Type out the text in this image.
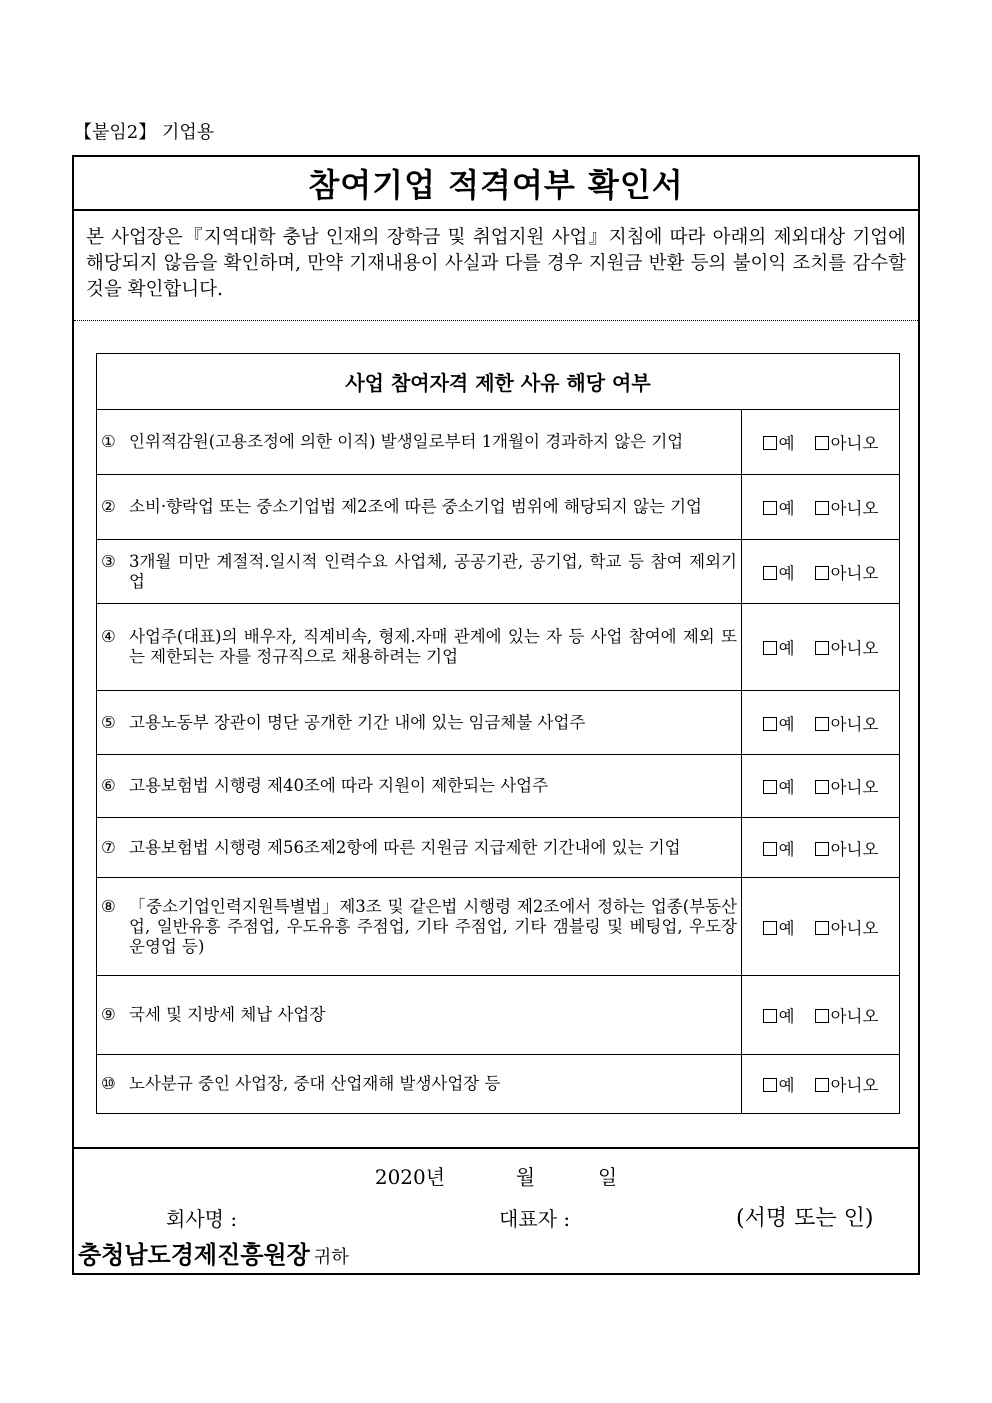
【붙임2】 기업용
참여기업 적격여부 확인서
본 사업장은『지역대학 충남 인재의 장학금 및 취업지원 사업』지침에 따라 아래의 제외대상 기업에 해당되지 않음을 확인하며, 만약 기재내용이 사실과 다를 경우 지원금 반환 등의 불이익 조치를 감수할 것을 확인합니다.
사업 참여자격 제한 사유 해당 여부	

① 인위적감원(고용조정에 의한 이직) 발생일로부터 1개월이 경과하지 않은 기업	예 아니오

② 소비·향락업 또는 중소기업법 제2조에 따른 중소기업 범위에 해당되지 않는 기업	예 아니오

③ 3개월 미만 계절적.일시적 인력수요 사업체, 공공기관, 공기업, 학교 등 참여 제외기업	예 아니오

④ 사업주(대표)의 배우자, 직계비속, 형제.자매 관계에 있는 자 등 사업 참여에 제외 또는 제한되는 자를 정규직으로 채용하려는 기업	예 아니오

⑤ 고용노동부 장관이 명단 공개한 기간 내에 있는 임금체불 사업주	예 아니오

⑥ 고용보험법 시행령 제40조에 따라 지원이 제한되는 사업주	예 아니오

⑦ 고용보험법 시행령 제56조제2항에 따른 지원금 지급제한 기간내에 있는 기업	예 아니오

⑧ 「중소기업인력지원특별법」제3조 및 같은법 시행령 제2조에서 정하는 업종(부동산업, 일반유흥 주점업, 우도유흥 주점업, 기타 주점업, 기타 갬블링 및 베팅업, 우도장 운영업 등)	예 아니오

⑨ 국세 및 지방세 체납 사업장	예 아니오

⑩ 노사분규 중인 사업장, 중대 산업재해 발생사업장 등	예 아니오
2020년	월	일
회사명 :	대표자 :	(서명 또는 인)
충청남도경제진흥원장 귀하
